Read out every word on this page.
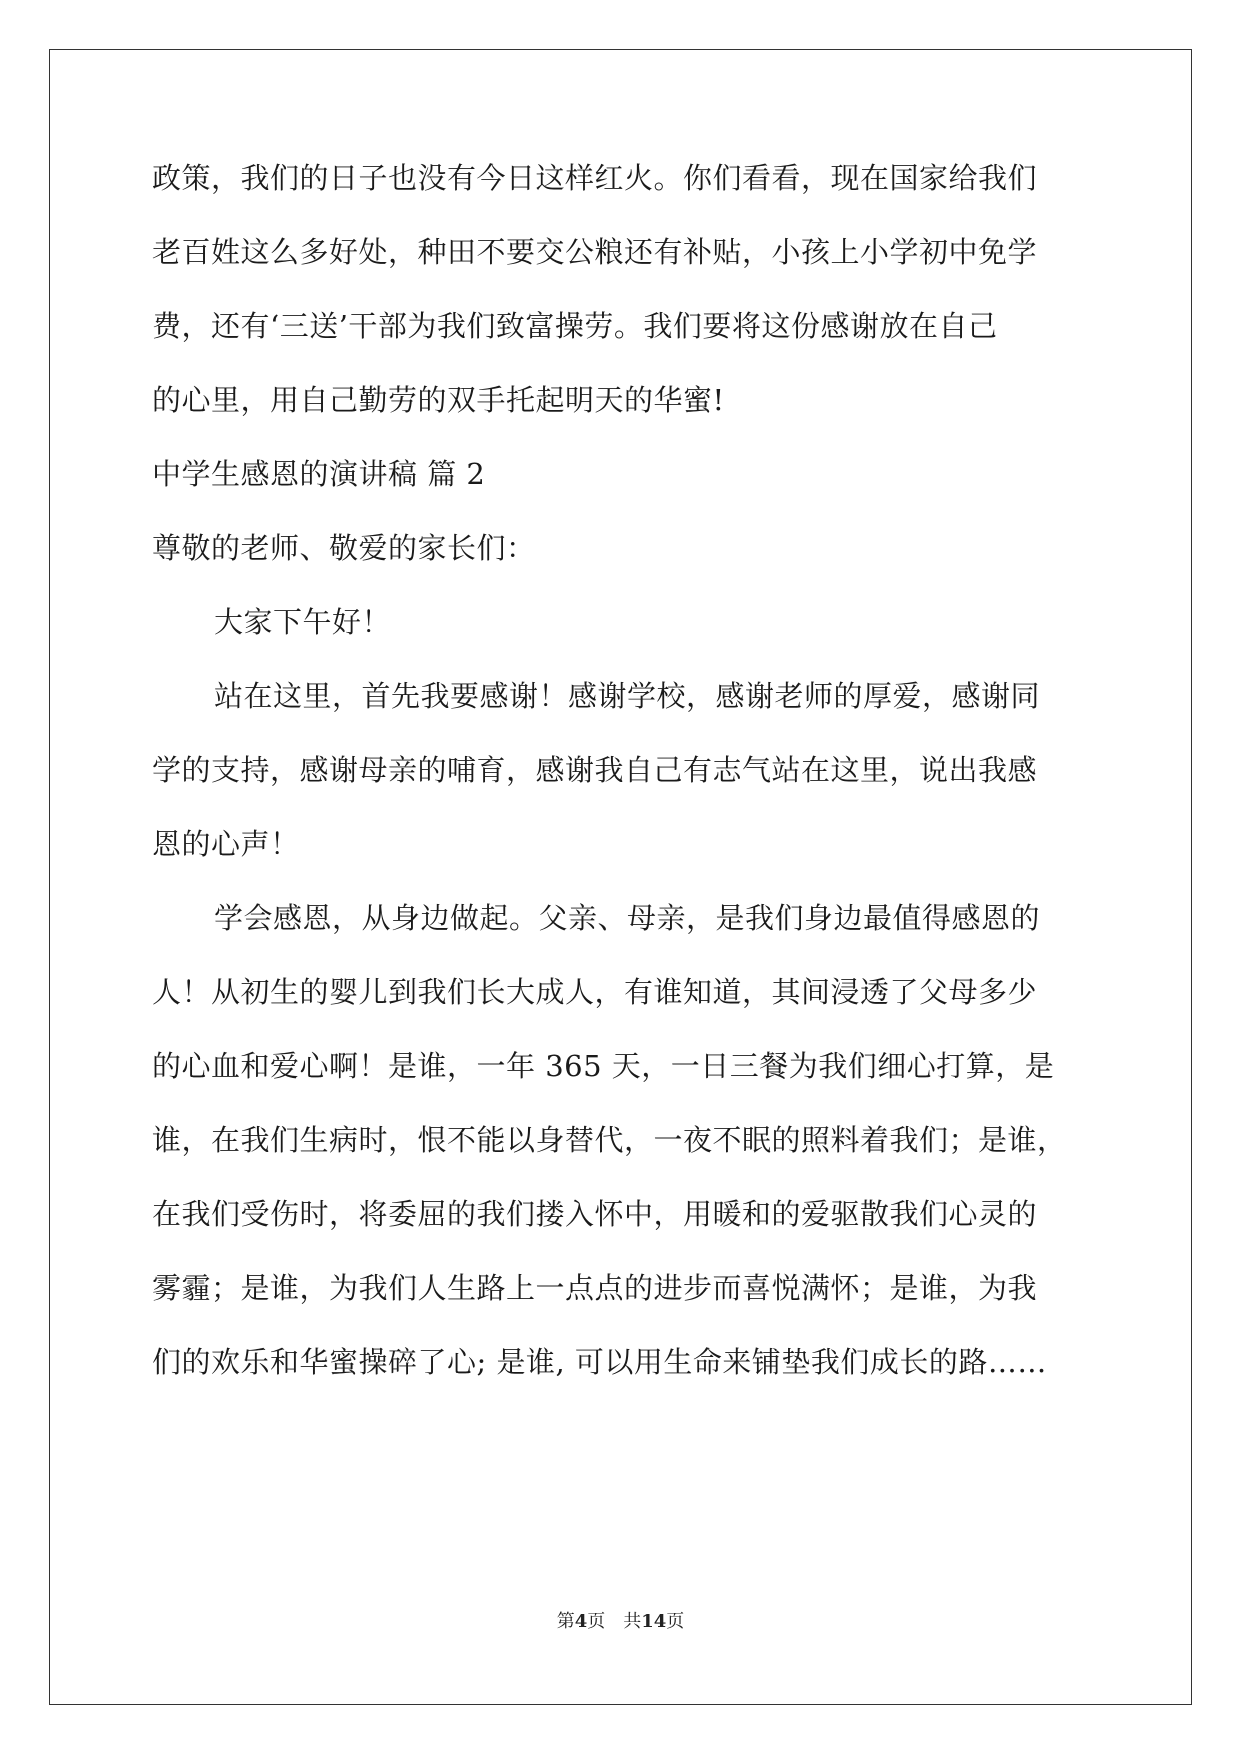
政策，我们的日子也没有今日这样红火。你们看看，现在国家给我们
老百姓这么多好处，种田不要交公粮还有补贴，小孩上小学初中免学
费，还有‘三送’干部为我们致富操劳。我们要将这份感谢放在自己
的心里，用自己勤劳的双手托起明天的华蜜!
中学生感恩的演讲稿 篇 2
尊敬的老师、敬爱的家长们：
大家下午好！
站在这里，首先我要感谢！感谢学校，感谢老师的厚爱，感谢同
学的支持，感谢母亲的哺育，感谢我自己有志气站在这里，说出我感
恩的心声！
学会感恩，从身边做起。父亲、母亲，是我们身边最值得感恩的
人！从初生的婴儿到我们长大成人，有谁知道，其间浸透了父母多少
的心血和爱心啊！是谁，一年 365 天，一日三餐为我们细心打算，是
谁，在我们生病时，恨不能以身替代，一夜不眠的照料着我们；是谁，
在我们受伤时，将委屈的我们搂入怀中，用暖和的爱驱散我们心灵的
雾霾；是谁，为我们人生路上一点点的进步而喜悦满怀；是谁，为我
们的欢乐和华蜜操碎了心; 是谁, 可以用生命来铺垫我们成长的路……
第4页　共14页
